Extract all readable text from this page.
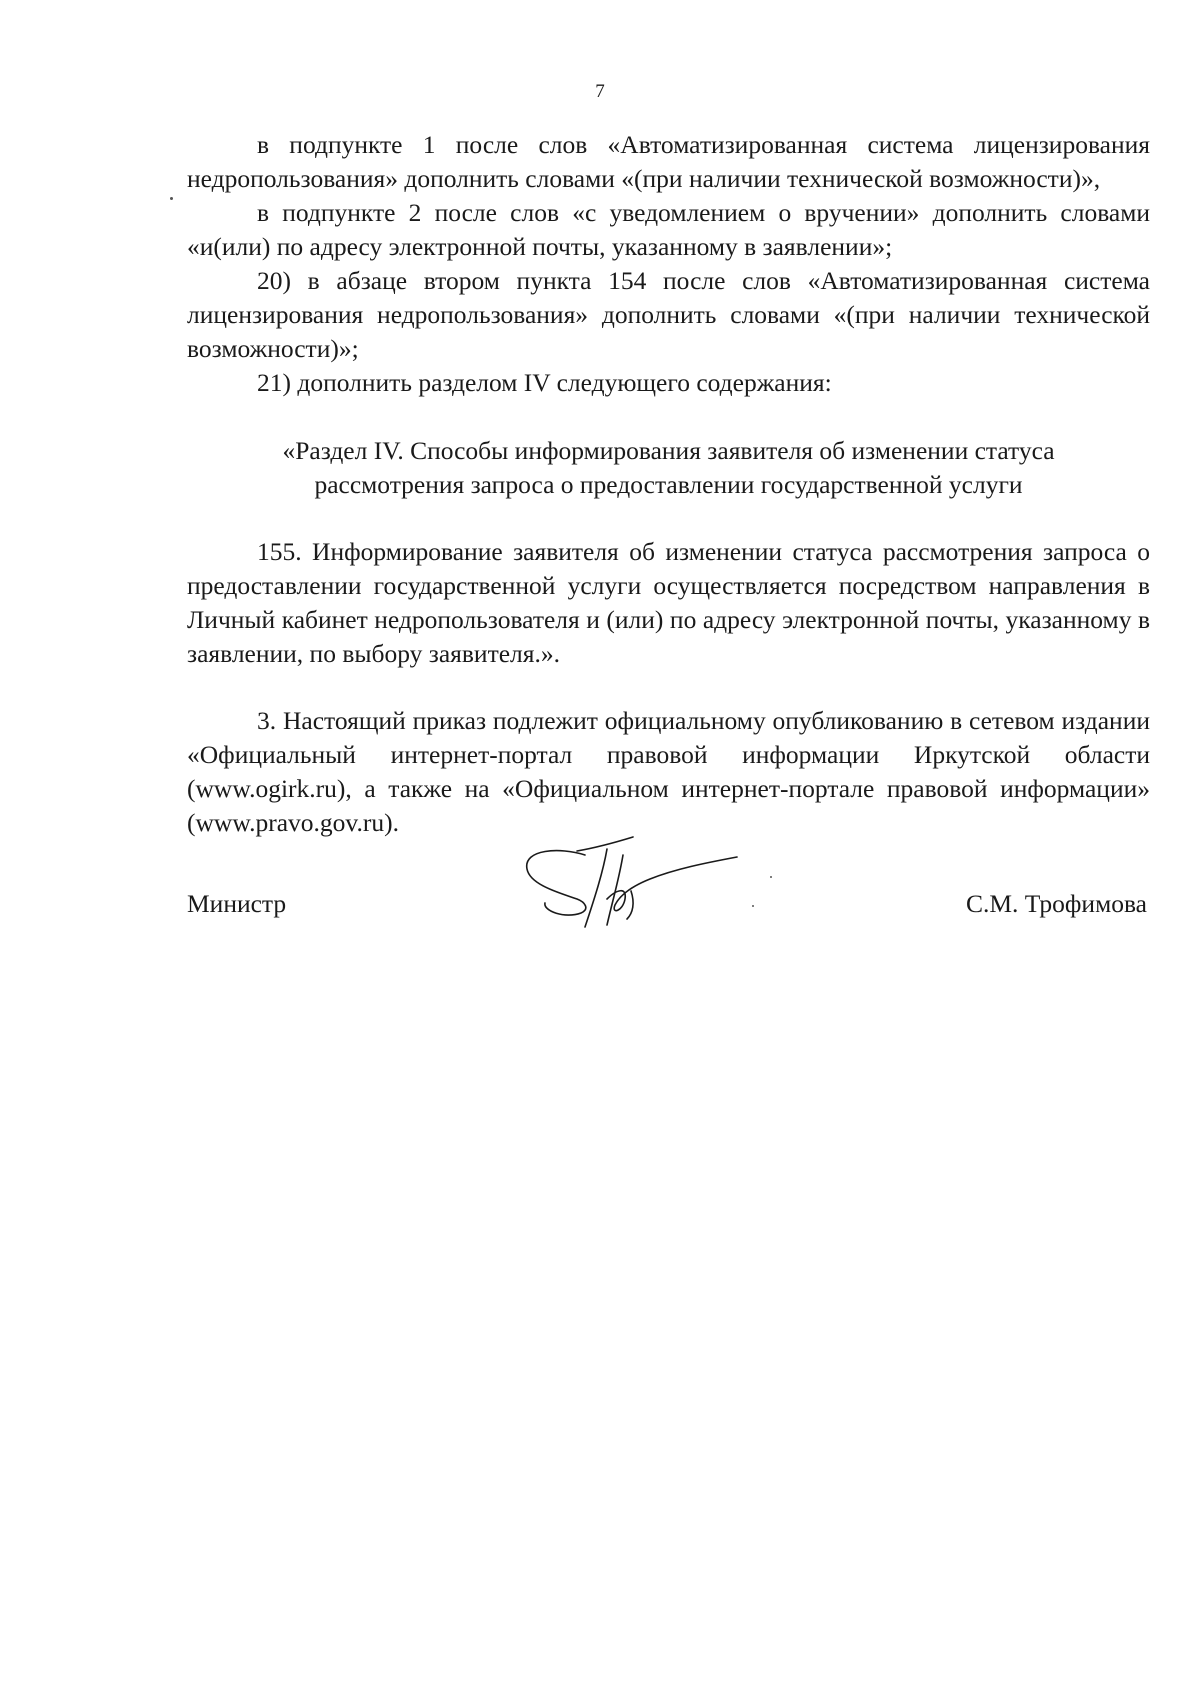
7

в подпункте 1 после слов «Автоматизированная система лицензирования недропользования» дополнить словами «(при наличии технической возможности)»,

в подпункте 2 после слов «с уведомлением о вручении» дополнить словами «и(или) по адресу электронной почты, указанному в заявлении»;

20) в абзаце втором пункта 154 после слов «Автоматизированная система лицензирования недропользования» дополнить словами «(при наличии технической возможности)»;

21) дополнить разделом IV следующего содержания:

«Раздел IV. Способы информирования заявителя об изменении статуса
рассмотрения запроса о предоставлении государственной услуги

155. Информирование заявителя об изменении статуса рассмотрения запроса о предоставлении государственной услуги осуществляется посредством направления в Личный кабинет недропользователя и (или) по адресу электронной почты, указанному в заявлении, по выбору заявителя.».

3. Настоящий приказ подлежит официальному опубликованию в сетевом издании «Официальный интернет-портал правовой информации Иркутской области (www.ogirk.ru), а также на «Официальном интернет-портале правовой информации» (www.pravo.gov.ru).

Министр	С.М. Трофимова
